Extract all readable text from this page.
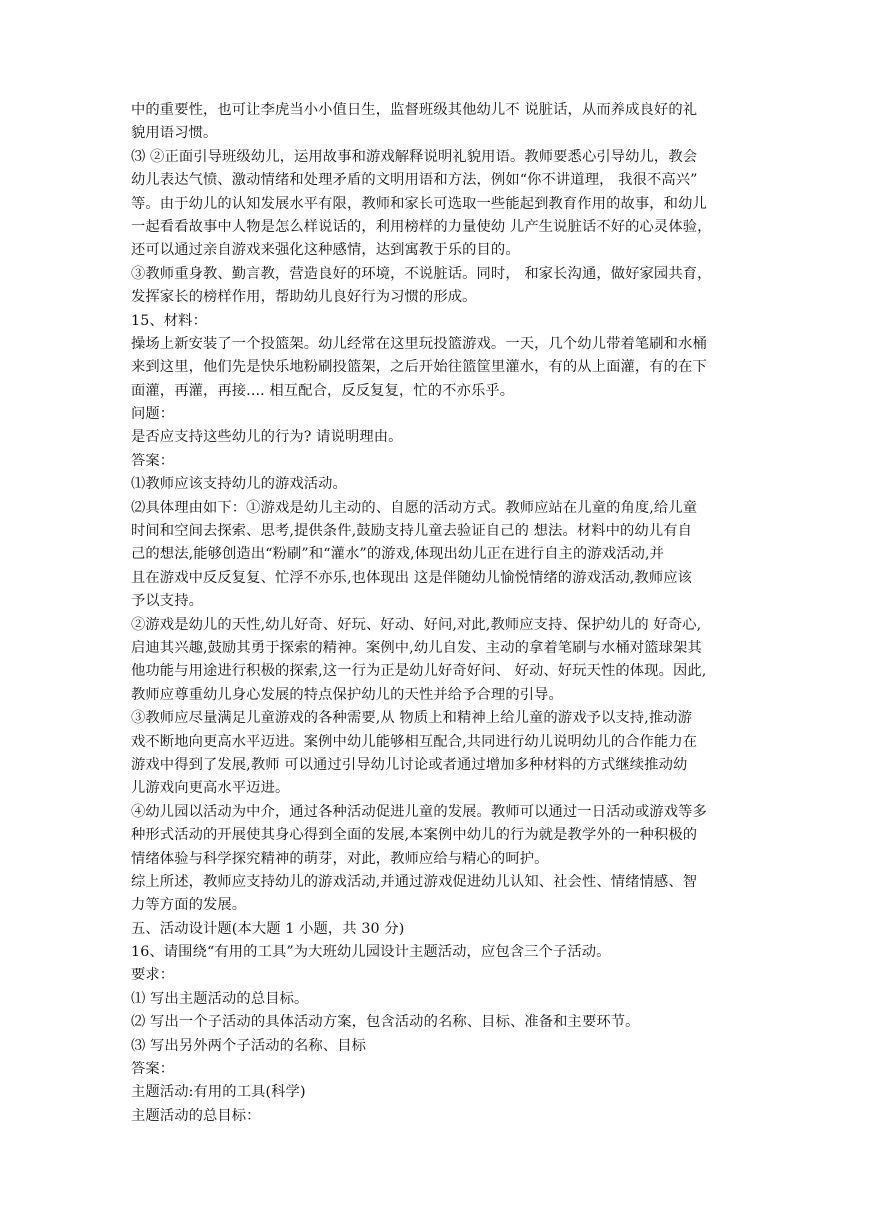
中的重要性，也可让李虎当小小值日生，监督班级其他幼儿不 说脏话，从而养成良好的礼
貌用语习惯。
⑶ ②正面引导班级幼儿，运用故事和游戏解释说明礼貌用语。教师要悉心引导幼儿，教会
幼儿表达气愤、激动情绪和处理矛盾的文明用语和方法，例如“你不讲道理， 我很不高兴”
等。由于幼儿的认知发展水平有限，教师和家长可选取一些能起到教育作用的故事，和幼儿
一起看看故事中人物是怎么样说话的，利用榜样的力量使幼 儿产生说脏话不好的心灵体验，
还可以通过亲自游戏来强化这种感情，达到寓教于乐的目的。
③教师重身教、勤言教，营造良好的环境，不说脏话。同时， 和家长沟通，做好家园共育，
发挥家长的榜样作用，帮助幼儿良好行为习惯的形成。
15、材料：
操场上新安装了一个投篮架。幼儿经常在这里玩投篮游戏。一天，几个幼儿带着笔刷和水桶
来到这里，他们先是快乐地粉刷投篮架，之后开始往篮筐里灌水，有的从上面灌，有的在下
面灌，再灌，再接.... 相互配合，反反复复，忙的不亦乐乎。
问题：
是否应支持这些幼儿的行为? 请说明理由。
答案：
⑴教师应该支持幼儿的游戏活动。
⑵具体理由如下：①游戏是幼儿主动的、自愿的活动方式。教师应站在儿童的角度,给儿童
时间和空间去探索、思考,提供条件,鼓励支持儿童去验证自己的 想法。材料中的幼儿有自
己的想法,能够创造出“粉刷”和“灌水”的游戏,体现出幼儿正在进行自主的游戏活动,并
且在游戏中反反复复、忙浮不亦乐,也体现出 这是伴随幼儿愉悦情绪的游戏活动,教师应该
予以支持。
②游戏是幼儿的天性,幼儿好奇、好玩、好动、好问,对此,教师应支持、保护幼儿的 好奇心,
启迪其兴趣,鼓励其勇于探索的精神。案例中,幼儿自发、主动的拿着笔刷与水桶对篮球架其
他功能与用途进行积极的探索,这一行为正是幼儿好奇好问、 好动、好玩天性的体现。因此,
教师应尊重幼儿身心发展的特点保护幼儿的天性并给予合理的引导。
③教师应尽量满足儿童游戏的各种需要,从 物质上和精神上给儿童的游戏予以支持,推动游
戏不断地向更高水平迈进。案例中幼儿能够相互配合,共同进行幼儿说明幼儿的合作能力在
游戏中得到了发展,教师 可以通过引导幼儿讨论或者通过增加多种材料的方式继续推动幼
儿游戏向更高水平迈进。
④幼儿园以活动为中介，通过各种活动促进儿童的发展。教师可以通过一日活动或游戏等多
种形式活动的开展使其身心得到全面的发展,本案例中幼儿的行为就是教学外的一种积极的
情绪体验与科学探究精神的萌芽，对此，教师应给与精心的呵护。
综上所述，教师应支持幼儿的游戏活动,并通过游戏促进幼儿认知、社会性、情绪情感、智
力等方面的发展。
五、活动设计题(本大题 1 小题，共 30 分)
16、请围绕“有用的工具”为大班幼儿园设计主题活动，应包含三个子活动。
要求：
⑴ 写出主题活动的总目标。
⑵ 写出一个子活动的具体活动方案，包含活动的名称、目标、准备和主要环节。
⑶ 写出另外两个子活动的名称、目标
答案：
主题活动:有用的工具(科学)
主题活动的总目标：
